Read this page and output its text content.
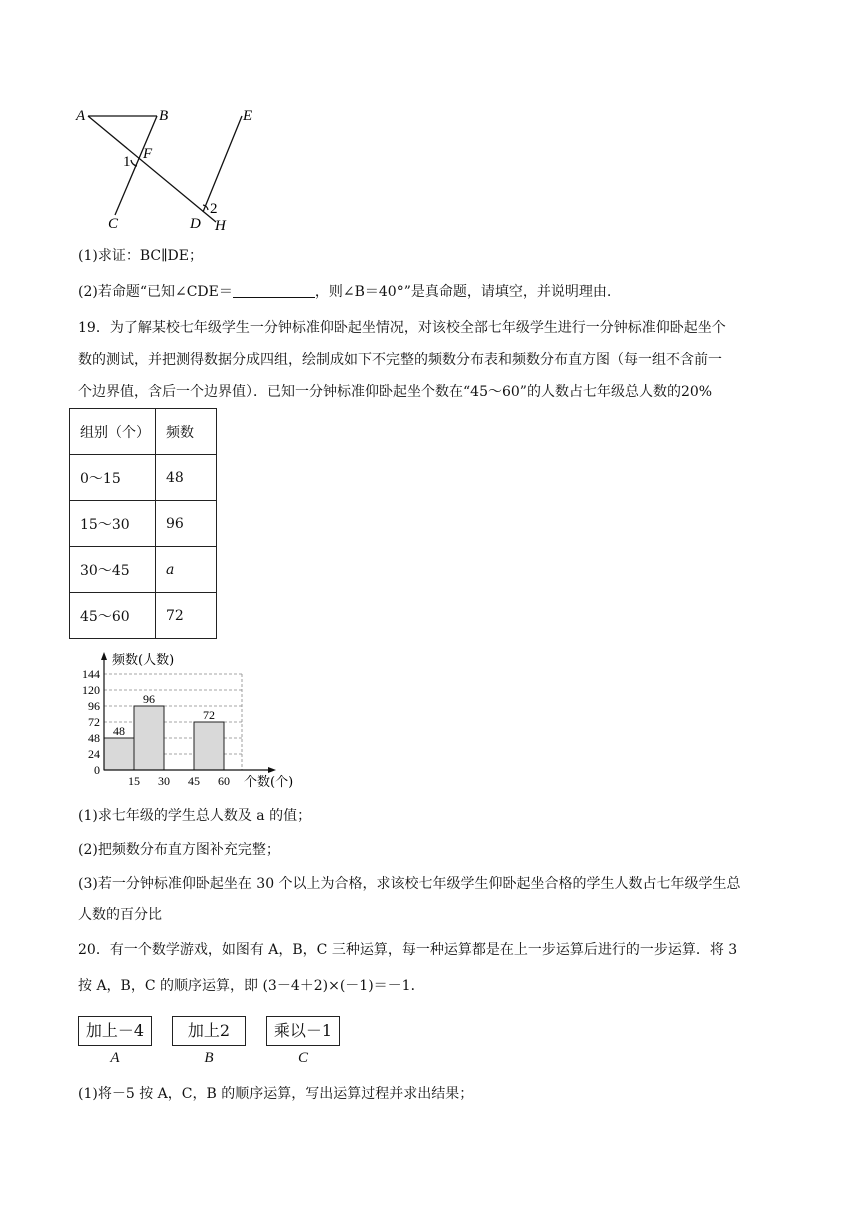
A	B	E
F
1
C	D
2
H
(1)求证：BC∥DE；
(2)若命题“已知∠CDE＝	，则∠B＝40°”是真命题，请填空，并说明理由.
19．为了解某校七年级学生一分钟标准仰卧起坐情况，对该校全部七年级学生进行一分钟标准仰卧起坐个
数的测试，并把测得数据分成四组，绘制成如下不完整的频数分布表和频数分布直方图（每一组不含前一
个边界值，含后一个边界值）．已知一分钟标准仰卧起坐个数在“45～60”的人数占七年级总人数的20%
组别（个）	频数
0～15	48
15～30	96
30～45	a
45～60	72
0
24
48
72
96
120
144
48
96
72
15 30 45 60
频数(人数)
个数(个)
(1)求七年级的学生总人数及 a 的值；
(2)把频数分布直方图补充完整；
(3)若一分钟标准仰卧起坐在 30 个以上为合格，求该校七年级学生仰卧起坐合格的学生人数占七年级学生总
人数的百分比
20．有一个数学游戏，如图有 A，B，C 三种运算，每一种运算都是在上一步运算后进行的一步运算．将 3
按 A，B，C 的顺序运算，即 (3－4＋2)×(－1)＝－1．
加上－4
A
加上2
B
乘以－1
C
(1)将－5 按 A，C，B 的顺序运算，写出运算过程并求出结果；
